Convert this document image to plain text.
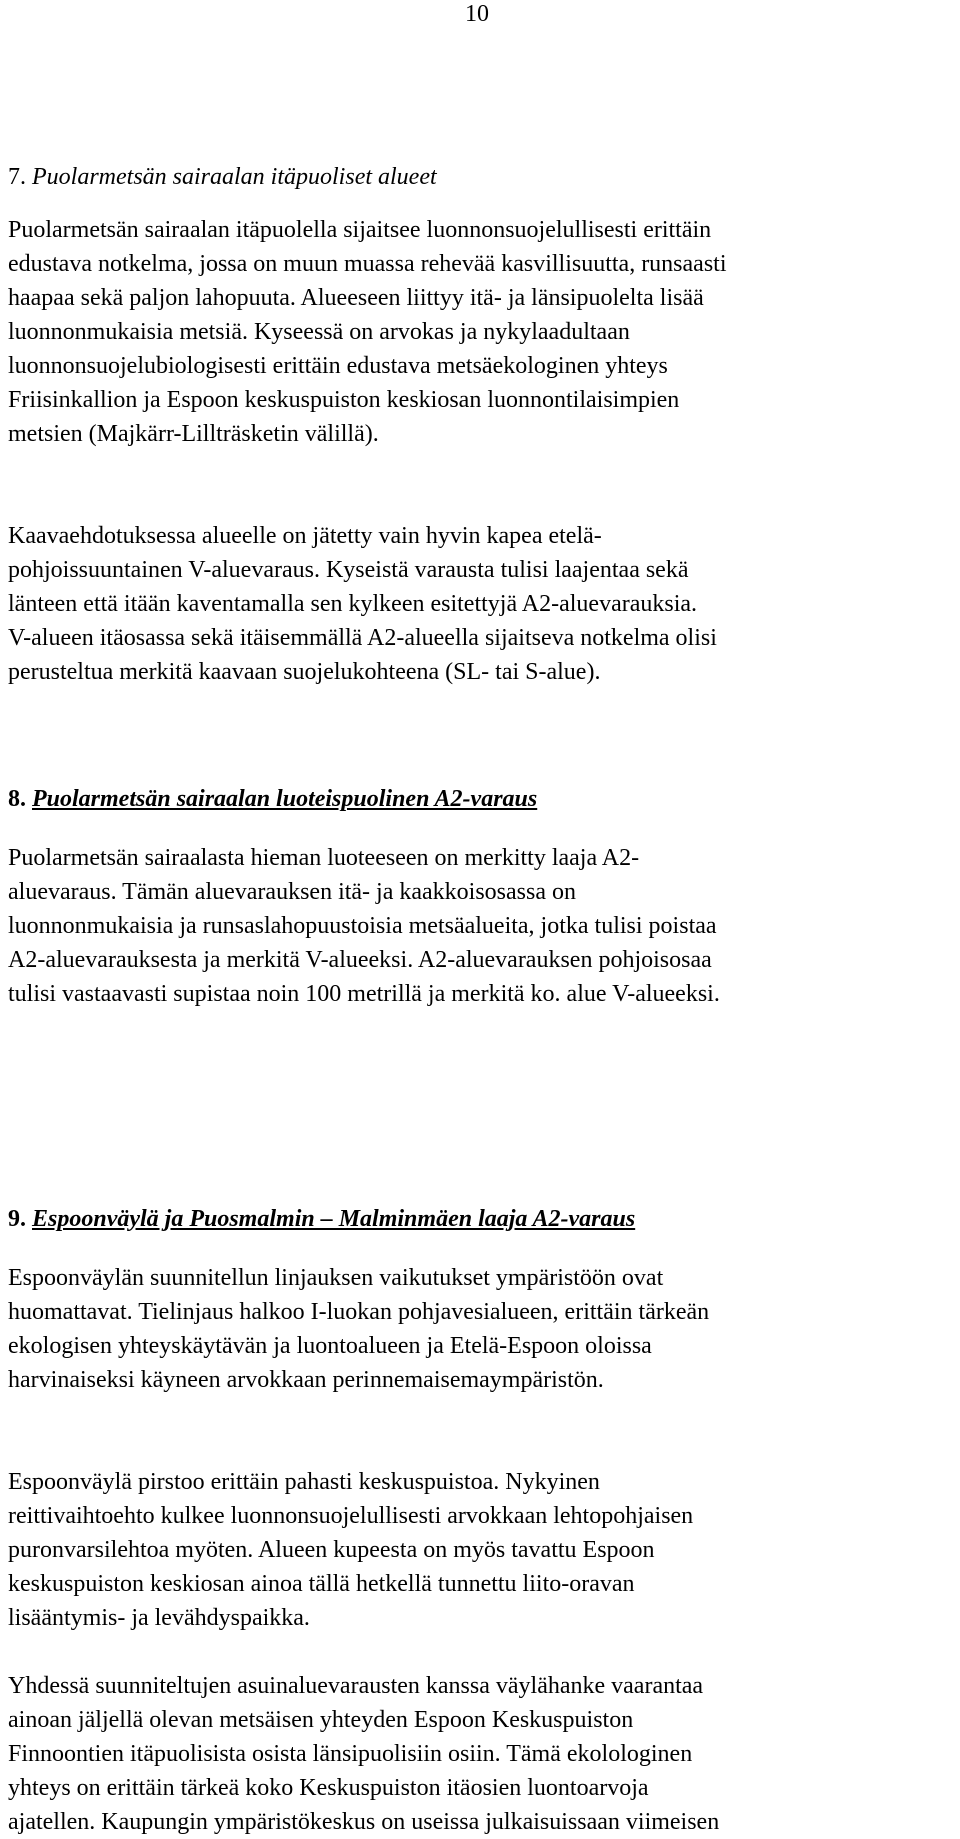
10
7. Puolarmetsän sairaalan itäpuoliset alueet

Puolarmetsän sairaalan itäpuolella sijaitsee luonnonsuojelullisesti erittäin
edustava notkelma, jossa on muun muassa rehevää kasvillisuutta, runsaasti
haapaa sekä paljon lahopuuta. Alueeseen liittyy itä- ja länsipuolelta lisää
luonnonmukaisia metsiä. Kyseessä on arvokas ja nykylaadultaan
luonnonsuojelubiologisesti erittäin edustava metsäekologinen yhteys
Friisinkallion ja Espoon keskuspuiston keskiosan luonnontilaisimpien
metsien (Majkärr-Lillträsketin välillä).

Kaavaehdotuksessa alueelle on jätetty vain hyvin kapea etelä-
pohjoissuuntainen V-aluevaraus. Kyseistä varausta tulisi laajentaa sekä
länteen että itään kaventamalla sen kylkeen esitettyjä A2-aluevarauksia.
V-alueen itäosassa sekä itäisemmällä A2-alueella sijaitseva notkelma olisi
perusteltua merkitä kaavaan suojelukohteena (SL- tai S-alue).

8. Puolarmetsän sairaalan luoteispuolinen A2-varaus

Puolarmetsän sairaalasta hieman luoteeseen on merkitty laaja A2-
aluevaraus. Tämän aluevarauksen itä- ja kaakkoisosassa on
luonnonmukaisia ja runsaslahopuustoisia metsäalueita, jotka tulisi poistaa
A2-aluevarauksesta ja merkitä V-alueeksi. A2-aluevarauksen pohjoisosaa
tulisi vastaavasti supistaa noin 100 metrillä ja merkitä ko. alue V-alueeksi.

9. Espoonväylä ja Puosmalmin – Malminmäen laaja A2-varaus

Espoonväylän suunnitellun linjauksen vaikutukset ympäristöön ovat
huomattavat. Tielinjaus halkoo I-luokan pohjavesialueen, erittäin tärkeän
ekologisen yhteyskäytävän ja luontoalueen ja Etelä-Espoon oloissa
harvinaiseksi käyneen arvokkaan perinnemaisemaympäristön.

Espoonväylä pirstoo erittäin pahasti keskuspuistoa. Nykyinen
reittivaihtoehto kulkee luonnonsuojelullisesti arvokkaan lehtopohjaisen
puronvarsilehtoa myöten. Alueen kupeesta on myös tavattu Espoon
keskuspuiston keskiosan ainoa tällä hetkellä tunnettu liito-oravan
lisääntymis- ja levähdyspaikka.

Yhdessä suunniteltujen asuinaluevarausten kanssa väylähanke vaarantaa
ainoan jäljellä olevan metsäisen yhteyden Espoon Keskuspuiston
Finnoontien itäpuolisista osista länsipuolisiin osiin. Tämä ekolologinen
yhteys on erittäin tärkeä koko Keskuspuiston itäosien luontoarvoja
ajatellen. Kaupungin ympäristökeskus on useissa julkaisuissaan viimeisen
